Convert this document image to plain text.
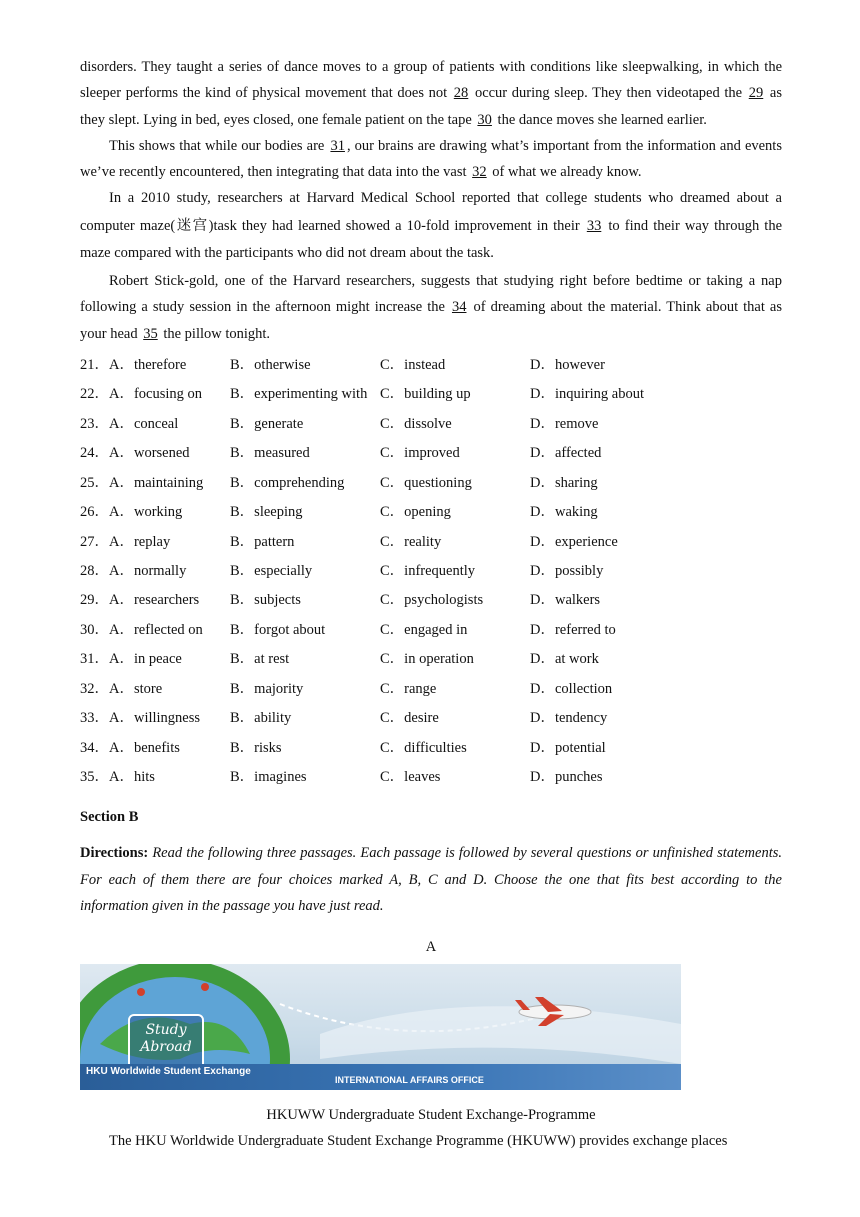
disorders. They taught a series of dance moves to a group of patients with conditions like sleepwalking, in which the sleeper performs the kind of physical movement that does not 28 occur during sleep. They then videotaped the 29 as they slept. Lying in bed, eyes closed, one female patient on the tape 30 the dance moves she learned earlier.

This shows that while our bodies are 31 , our brains are drawing what’s important from the information and events we’ve recently encountered, then integrating that data into the vast 32 of what we already know.

In a 2010 study, researchers at Harvard Medical School reported that college students who dreamed about a computer maze(迷宫)task they had learned showed a 10-fold improvement in their 33 to find their way through the maze compared with the participants who did not dream about the task.

Robert Stick-gold, one of the Harvard researchers, suggests that studying right before bedtime or taking a nap following a study session in the afternoon might increase the 34 of dreaming about the material. Think about that as your head 35 the pillow tonight.

21．A．therefore	B．otherwise	C．instead	D．however
22．A．focusing on B．experimenting with C．building up	D．inquiring about
23．A．conceal	B．generate	C．dissolve	D．remove
24．A．worsened	B．measured	C．improved	D．affected
25．A．maintaining B．comprehending C．questioning	D．sharing
26．A．working	B．sleeping	C．opening	D．waking
27．A．replay	B．pattern	C．reality	D．experience
28．A．normally	B．especially	C．infrequently	D．possibly
29．A．researchers B．subjects	C．psychologists	D．walkers
30．A．reflected on B．forgot about	C．engaged in	D．referred to
31．A．in peace	B．at rest	C．in operation	D．at work
32．A．store	B．majority	C．range	D．collection
33．A．willingness B．ability	C．desire	D．tendency
34．A．benefits	B．risks	C．difficulties	D．potential
35．A．hits	B．imagines	C．leaves	D．punches
Section B

Directions: Read the following three passages. Each passage is followed by several questions or unfinished statements. For each of them there are four choices marked A, B, C and D. Choose the one that fits best according to the information given in the passage you have just read.

A
Study
Abroad
HKU Worldwide Student Exchange
INTERNATIONAL AFFAIRS OFFICE
HKUWW Undergraduate Student Exchange-Programme

The HKU Worldwide Undergraduate Student Exchange Programme (HKUWW) provides exchange places
